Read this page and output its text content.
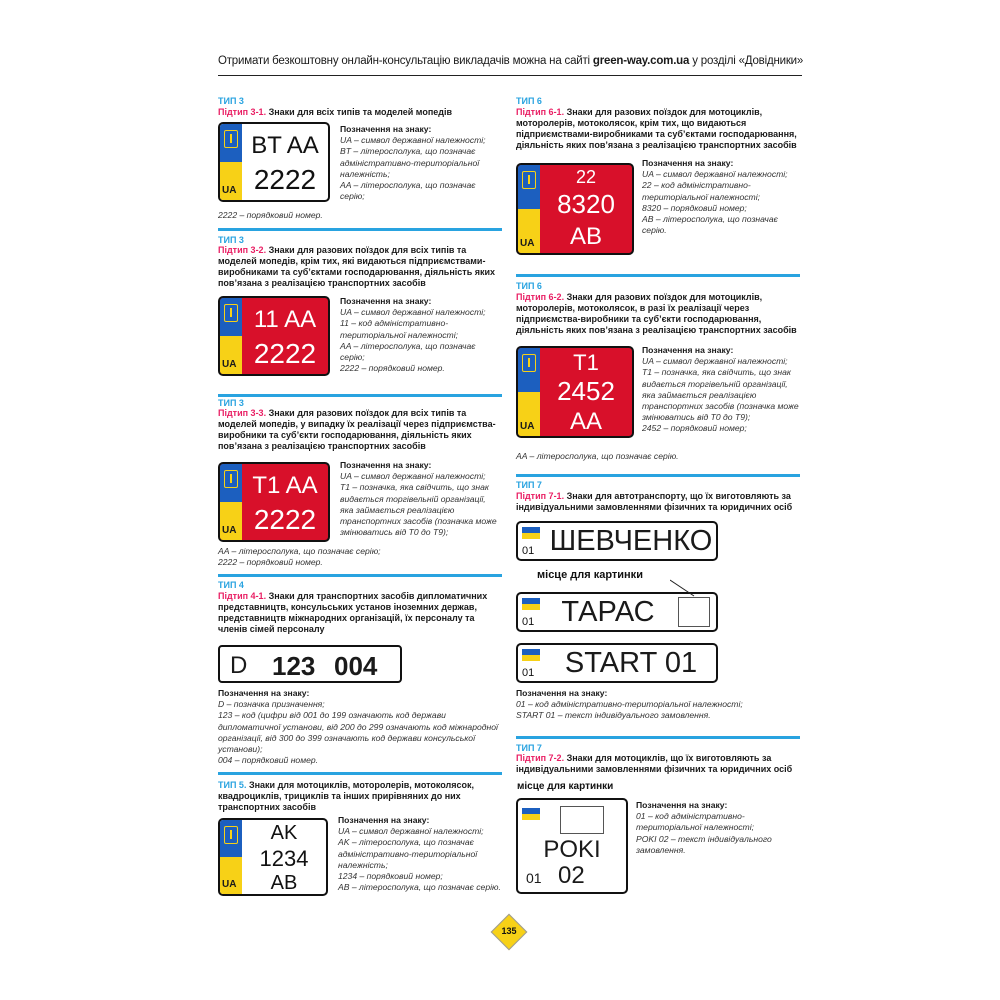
Отримати безкоштовну онлайн-консультацію викладачів можна на сайті green-way.com.ua у розділі «Довідники»
ТИП 3
Підтип 3-1. Знаки для всіх типів та моделей мопедів
UA
BT AA
2222
Позначення на знаку:
UA – символ державної належності;
BT – літеросполука, що позначає адміністративно-територіальної належність;
AA – літеросполука, що позначає серію;
2222 – порядковий номер.
ТИП 3
Підтип 3-2. Знаки для разових поїздок для всіх типів та моделей мопедів, крім тих, які видаються підприємствами-виробниками та суб’єктами господарювання, діяльність яких пов’язана з реалізацією транспортних засобів
UA
11 AA
2222
Позначення на знаку:
UA – символ державної належності;
11 – код адміністративно-територіальної належності;
AA – літеросполука, що позначає серію;
2222 – порядковий номер.
ТИП 3
Підтип 3-3. Знаки для разових поїздок для всіх типів та моделей мопедів, у випадку їх реалізації через підприємства-виробники та суб’єкти господарювання, діяльність яких пов’язана з реалізацією транспортних засобів
UA
T1 AA
2222
Позначення на знаку:
UA – символ державної належності;
T1 – позначка, яка свідчить, що знак видається торгівельній організації, яка займається реалізацією транспортних засобів (позначка може змінюватись від T0 до T9);
AA – літеросполука, що позначає серію;
2222 – порядковий номер.
ТИП 4
Підтип 4-1. Знаки для транспортних засобів дипломатичних представництв, консульських установ іноземних держав, представництв міжнародних організацій, їх персоналу та членів сімей персоналу
D 123 004
Позначення на знаку:
D – позначка призначення;
123 – код (цифри від 001 до 199 означають код держави дипломатичної установи, від 200 до 299 означають код міжнародної організації, від 300 до 399 означають код держави консульської установи);
004 – порядковий номер.
ТИП 5. Знаки для мотоциклів, моторолерів, мотоколясок, квадроциклів, трициклів та інших прирівняних до них транспортних засобів
UA
AK
1234
AB
Позначення на знаку:
UA – символ державної належності;
AK – літеросполука, що позначає адміністративно-територіальної належність;
1234 – порядковий номер;
AB – літеросполука, що позначає серію.
ТИП 6
Підтип 6-1. Знаки для разових поїздок для мотоциклів, моторолерів, мотоколясок, крім тих, що видаються підприємствами-виробниками та суб’єктами господарювання, діяльність яких пов’язана з реалізацією транспортних засобів
UA
22
8320
AB
Позначення на знаку:
UA – символ державної належності;
22 – код адміністративно-територіальної належності;
8320 – порядковий номер;
AB – літеросполука, що позначає серію.
ТИП 6
Підтип 6-2. Знаки для разових поїздок для мотоциклів, моторолерів, мотоколясок, в разі їх реалізації через підприємства-виробники та суб’єкти господарювання, діяльність яких пов’язана з реалізацією транспортних засобів
UA
T1
2452
AA
Позначення на знаку:
UA – символ державної належності;
T1 – позначка, яка свідчить, що знак видається торгівельній організації, яка займається реалізацією транспортних засобів (позначка може змінюватись від T0 до T9);
2452 – порядковий номер;
AA – літеросполука, що позначає серію.
ТИП 7
Підтип 7-1. Знаки для автотранспорту, що їх виготовляють за індивідуальними замовленнями фізичних та юридичних осіб
01 ШЕВЧЕНКО
місце для картинки
01 ТАРАС
01	START 01
Позначення на знаку:
01 – код адміністративно-територіальної належності;
START 01 – текст індивідуального замовлення.
ТИП 7
Підтип 7-2. Знаки для мотоциклів, що їх виготовляють за індивідуальними замовленнями фізичних та юридичних осіб
місце для картинки
POKI
01 02
Позначення на знаку:
01 – код адміністративно-територіальної належності;
POKI 02 – текст індивідуального замовлення.
135
